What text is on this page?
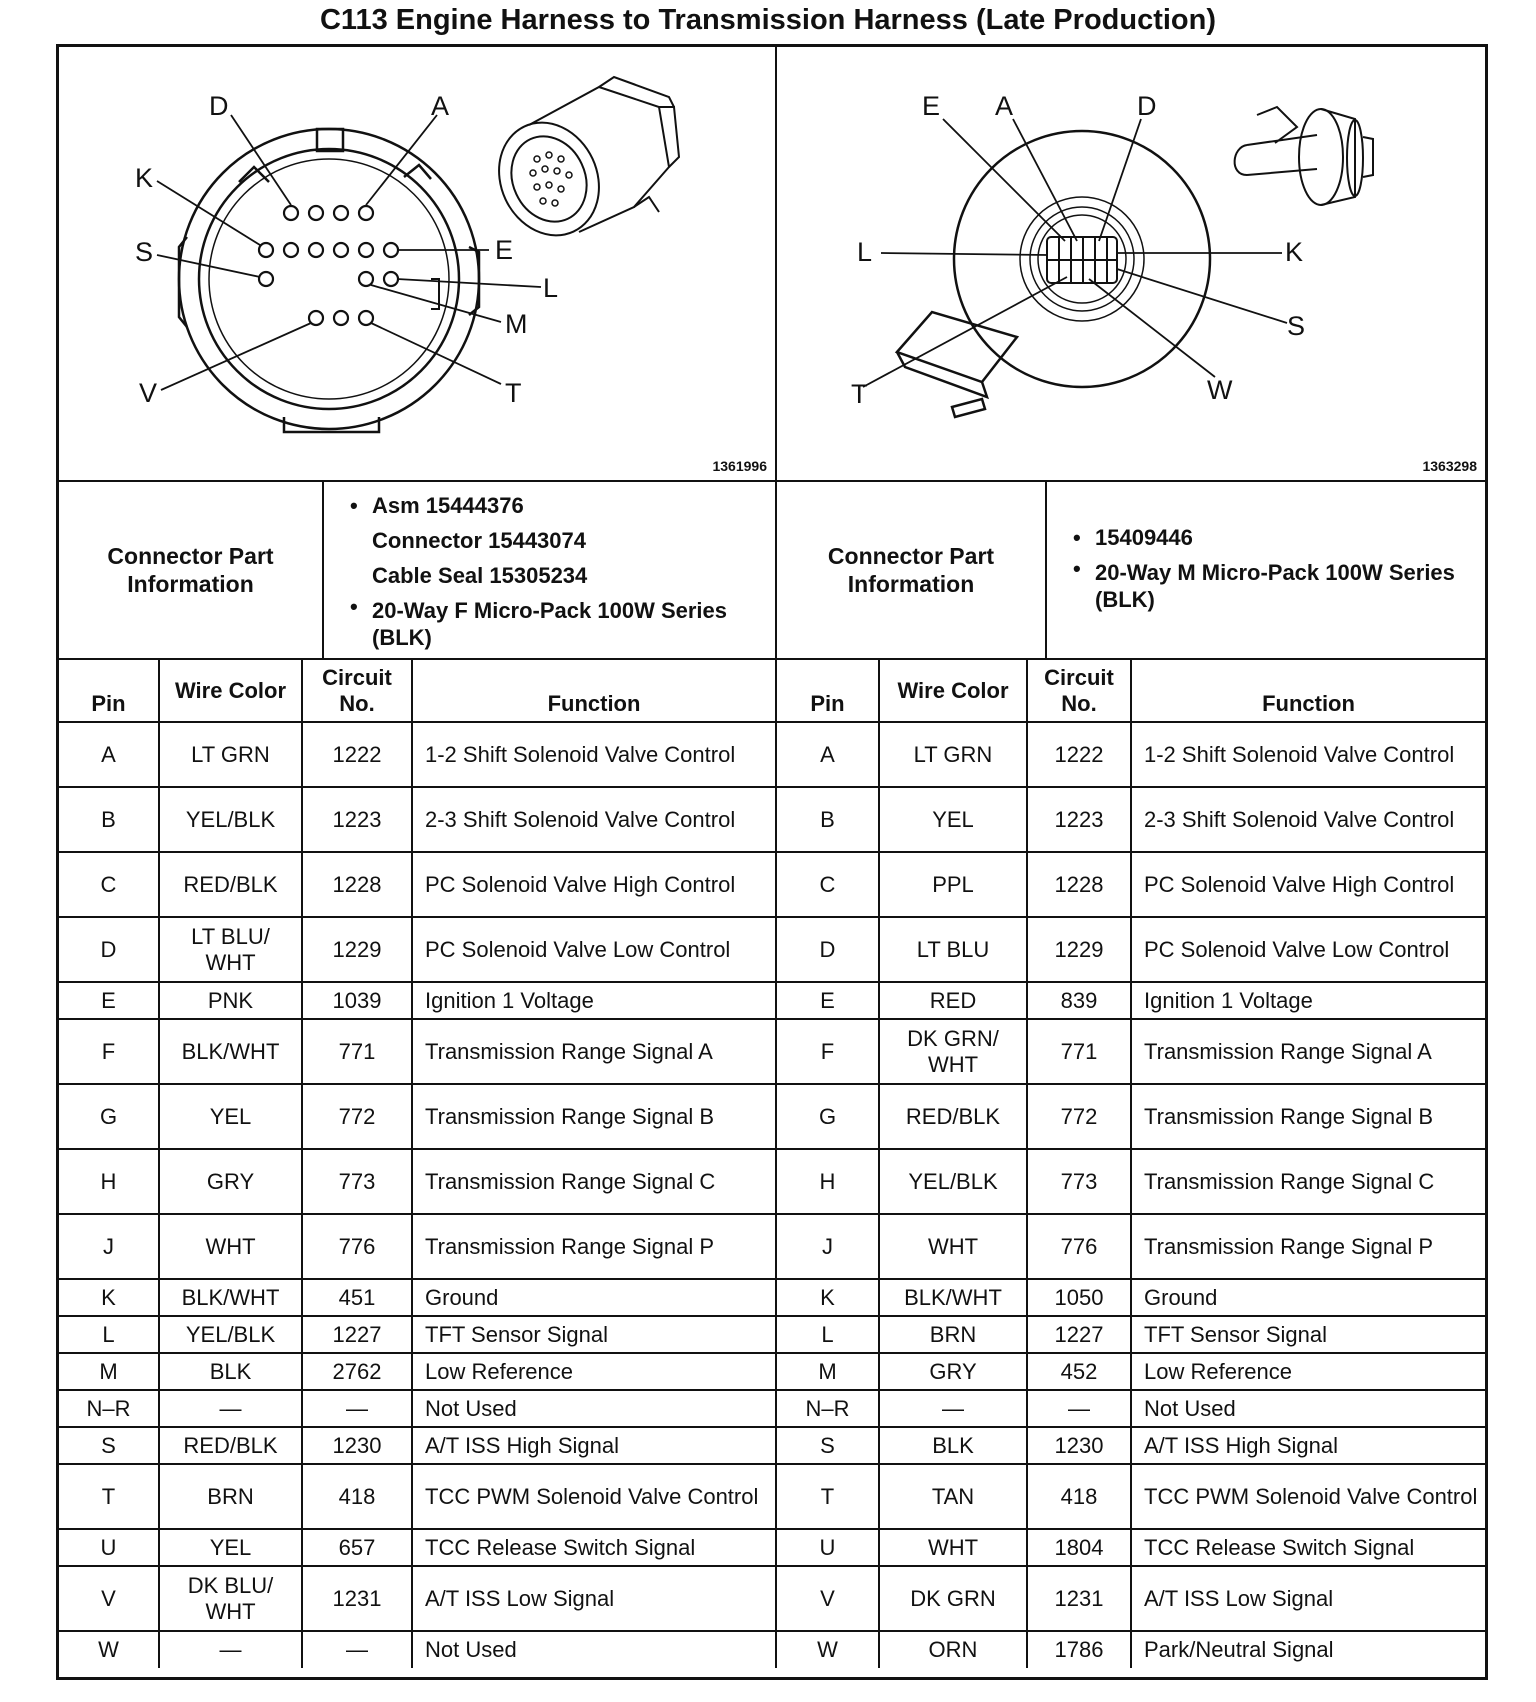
C113 Engine Harness to Transmission Harness (Late Production)
D	A
K
S	E
L
M
V	T
1361996
E A	D
L	K
S
T	W
1363298
Connector Part Information
• Asm 15444376
Connector 15443074
Cable Seal 15305234
• 20-Way F Micro-Pack 100W Series (BLK)
Connector Part Information
• 15409446
• 20-Way M Micro-Pack 100W Series (BLK)
Pin	Wire Color	Circuit No.	Function
A	LT GRN	1222	1-2 Shift Solenoid Valve Control
B	YEL/BLK	1223	2-3 Shift Solenoid Valve Control
C	RED/BLK	1228	PC Solenoid Valve High Control
D	LT BLU/ WHT	1229	PC Solenoid Valve Low Control
E	PNK	1039	Ignition 1 Voltage
F	BLK/WHT	771	Transmission Range Signal A
G	YEL	772	Transmission Range Signal B
H	GRY	773	Transmission Range Signal C
J	WHT	776	Transmission Range Signal P
K	BLK/WHT	451	Ground
L	YEL/BLK	1227	TFT Sensor Signal
M	BLK	2762	Low Reference
N–R	—	—	Not Used
S	RED/BLK	1230	A/T ISS High Signal
T	BRN	418	TCC PWM Solenoid Valve Control
U	YEL	657	TCC Release Switch Signal
V	DK BLU/ WHT	1231	A/T ISS Low Signal
W	—	—	Not Used
Pin	Wire Color	Circuit No.	Function
A	LT GRN	1222	1-2 Shift Solenoid Valve Control
B	YEL	1223	2-3 Shift Solenoid Valve Control
C	PPL	1228	PC Solenoid Valve High Control
D	LT BLU	1229	PC Solenoid Valve Low Control
E	RED	839	Ignition 1 Voltage
F	DK GRN/ WHT	771	Transmission Range Signal A
G	RED/BLK	772	Transmission Range Signal B
H	YEL/BLK	773	Transmission Range Signal C
J	WHT	776	Transmission Range Signal P
K	BLK/WHT	1050	Ground
L	BRN	1227	TFT Sensor Signal
M	GRY	452	Low Reference
N–R	—	—	Not Used
S	BLK	1230	A/T ISS High Signal
T	TAN	418	TCC PWM Solenoid Valve Control
U	WHT	1804	TCC Release Switch Signal
V	DK GRN	1231	A/T ISS Low Signal
W	ORN	1786	Park/Neutral Signal
